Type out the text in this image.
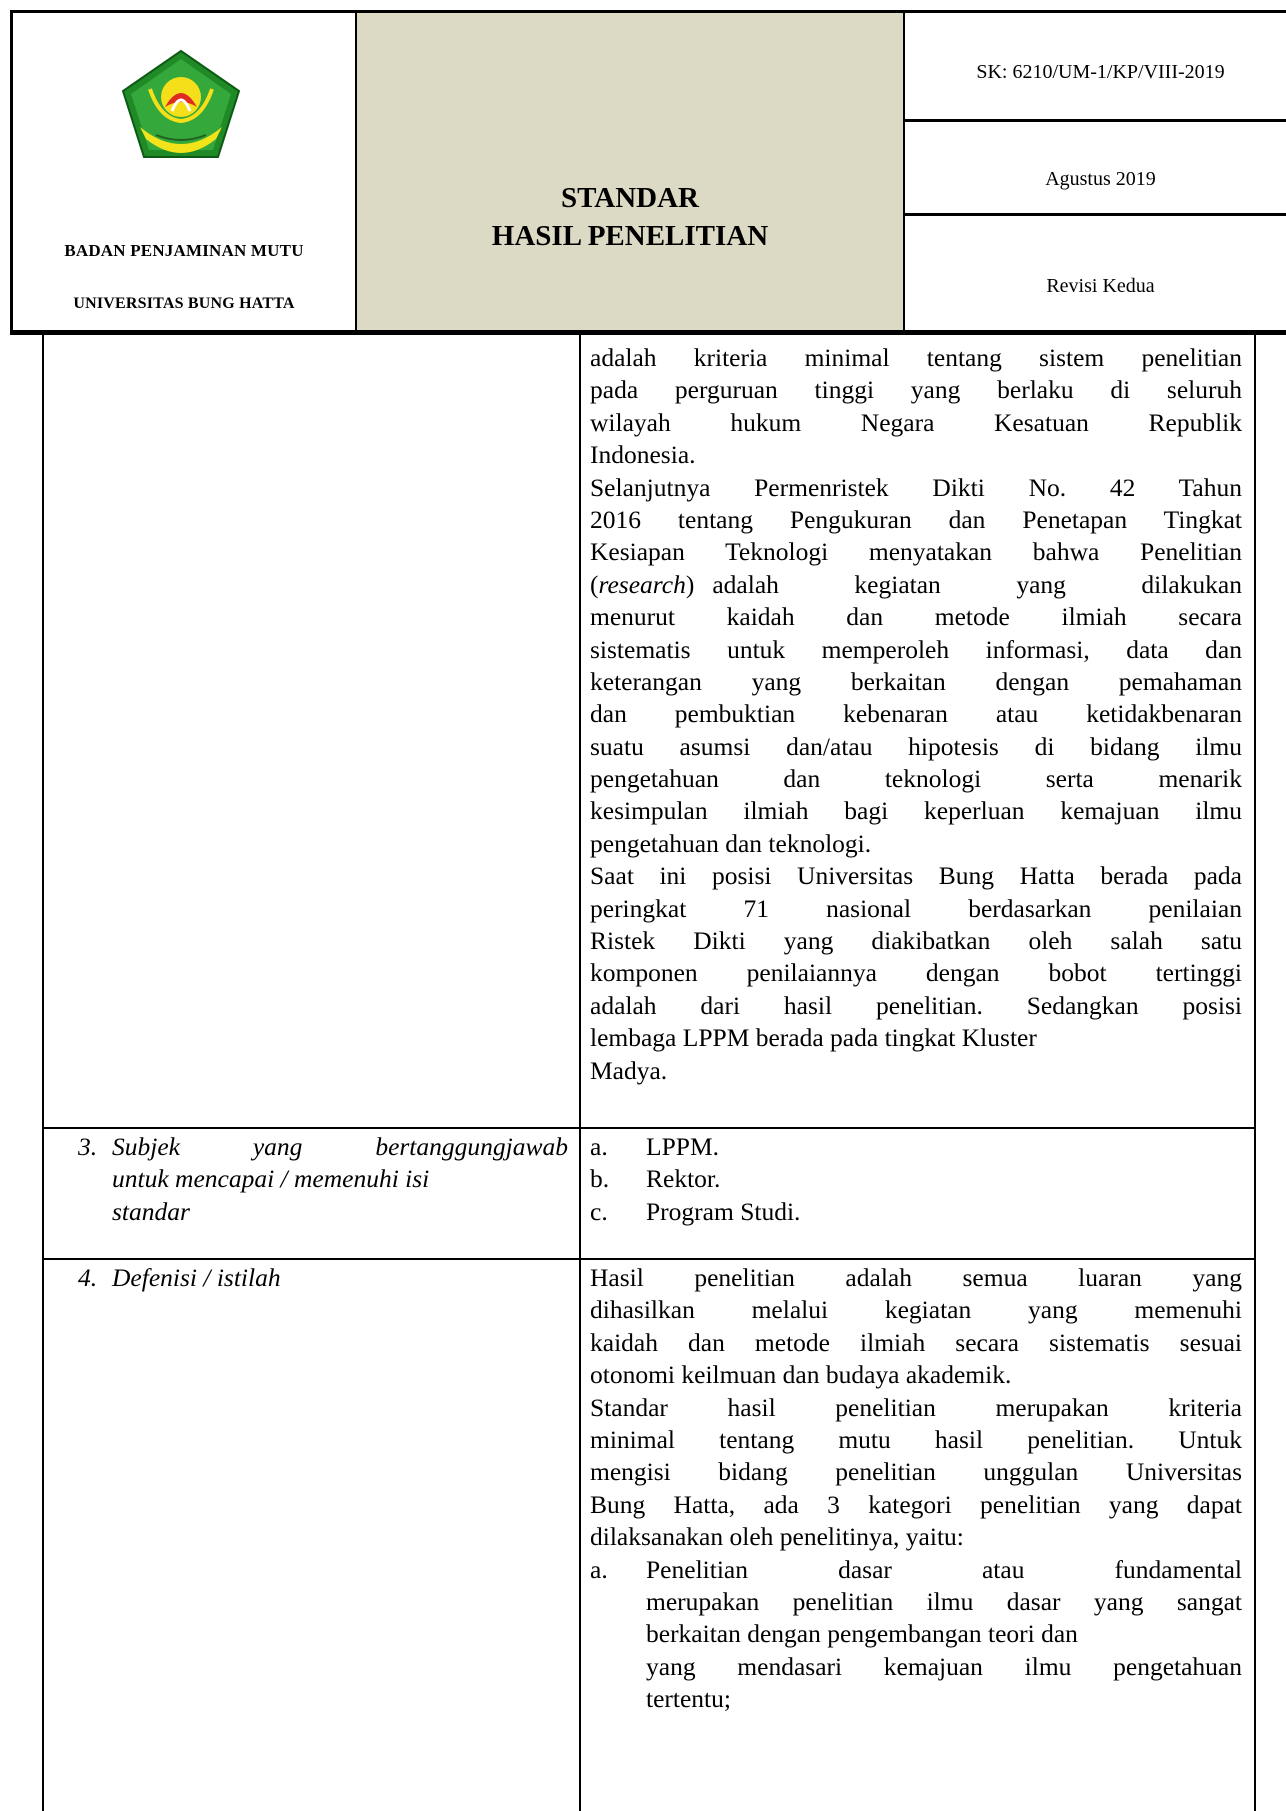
BADAN PENJAMINAN MUTU
UNIVERSITAS BUNG HATTA
STANDAR
HASIL PENELITIAN
SK: 6210/UM-1/KP/VIII-2019
Agustus 2019
Revisi Kedua
adalah kriteria minimal tentang sistem penelitian
pada perguruan tinggi yang berlaku di seluruh
wilayah hukum Negara Kesatuan Republik
Indonesia.
Selanjutnya Permenristek Dikti No. 42 Tahun
2016 tentang Pengukuran dan Penetapan Tingkat
Kesiapan Teknologi menyatakan bahwa Penelitian
(research) adalah kegiatan yang dilakukan
menurut kaidah dan metode ilmiah secara
sistematis untuk memperoleh informasi, data dan
keterangan yang berkaitan dengan pemahaman
dan pembuktian kebenaran atau ketidakbenaran
suatu asumsi dan/atau hipotesis di bidang ilmu
pengetahuan dan teknologi serta menarik
kesimpulan ilmiah bagi keperluan kemajuan ilmu
pengetahuan dan teknologi.
Saat ini posisi Universitas Bung Hatta berada pada
peringkat 71 nasional berdasarkan penilaian
Ristek Dikti yang diakibatkan oleh salah satu
komponen penilaiannya dengan bobot tertinggi
adalah dari hasil penelitian. Sedangkan posisi
lembaga LPPM berada pada tingkat Kluster
Madya.
3. Subjek yang bertanggungjawab
untuk mencapai / memenuhi isi
standar
a. LPPM.
b. Rektor.
c. Program Studi.
4. Defenisi / istilah	Hasil penelitian adalah semua luaran yang
dihasilkan melalui kegiatan yang memenuhi
kaidah dan metode ilmiah secara sistematis sesuai
otonomi keilmuan dan budaya akademik.
Standar hasil penelitian merupakan kriteria
minimal tentang mutu hasil penelitian. Untuk
mengisi bidang penelitian unggulan Universitas
Bung Hatta, ada 3 kategori penelitian yang dapat
dilaksanakan oleh penelitinya, yaitu:
a. Penelitian dasar atau fundamental
merupakan penelitian ilmu dasar yang sangat
berkaitan dengan pengembangan teori dan
yang mendasari kemajuan ilmu pengetahuan
tertentu;
